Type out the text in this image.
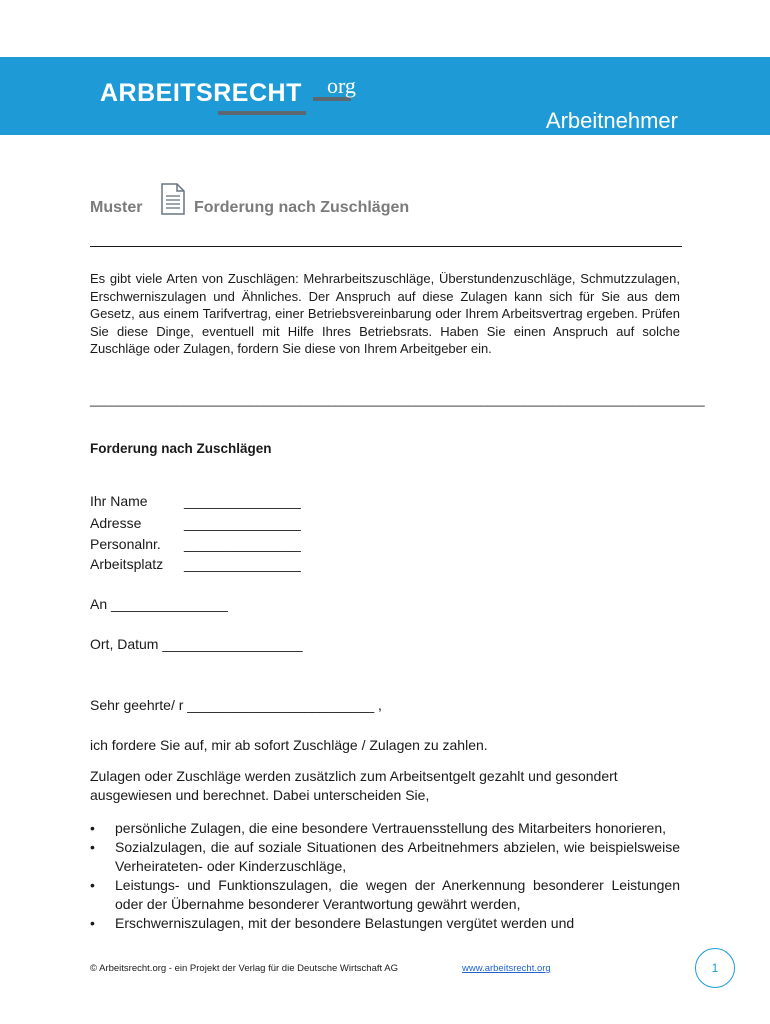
ARBEITSRECHT org
Arbeitnehmer
Muster	Forderung nach Zuschlägen

Es gibt viele Arten von Zuschlägen: Mehrarbeitszuschläge, Überstundenzuschläge, Schmutzzulagen, Erschwerniszulagen und Ähnliches. Der Anspruch auf diese Zulagen kann sich für Sie aus dem Gesetz, aus einem Tarifvertrag, einer Betriebsvereinbarung oder Ihrem Arbeitsvertrag ergeben. Prüfen Sie diese Dinge, eventuell mit Hilfe Ihres Betriebsrats. Haben Sie einen Anspruch auf solche Zuschläge oder Zulagen, fordern Sie diese von Ihrem Arbeitgeber ein.

_____________________________________________________________________________________
Forderung nach Zuschlägen
Ihr Name	_______________
Adresse	_______________
Personalnr. _______________
Arbeitsplatz _______________
An _______________
Ort, Datum __________________
Sehr geehrte/ r ________________________ ,
ich fordere Sie auf, mir ab sofort Zuschläge / Zulagen zu zahlen.

Zulagen oder Zuschläge werden zusätzlich zum Arbeitsentgelt gezahlt und gesondert ausgewiesen und berechnet. Dabei unterscheiden Sie,

• persönliche Zulagen, die eine besondere Vertrauensstellung des Mitarbeiters honorieren,
• Sozialzulagen, die auf soziale Situationen des Arbeitnehmers abzielen, wie beispielsweise Verheirateten- oder Kinderzuschläge,
• Leistungs- und Funktionszulagen, die wegen der Anerkennung besonderer Leistungen oder der Übernahme besonderer Verantwortung gewährt werden,
• Erschwerniszulagen, mit der besondere Belastungen vergütet werden und
© Arbeitsrecht.org - ein Projekt der Verlag für die Deutsche Wirtschaft AG	www.arbeitsrecht.org	1
